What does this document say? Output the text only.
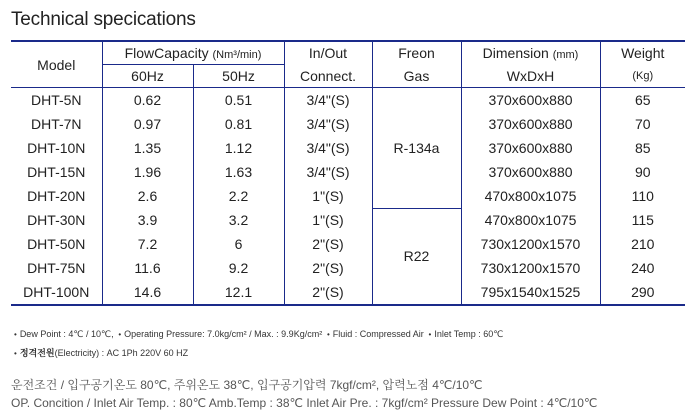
Technical specications
Model	FlowCapacity (Nm³/min)		In/Out	Freon	Dimension (mm)	Weight
	60Hz	50Hz	Connect.	Gas	WxDxH	(Kg)
DHT-5N	0.62	0.51	3/4"(S)	R-134a	370x600x880	65
DHT-7N	0.97	0.81	3/4"(S)		370x600x880	70
DHT-10N	1.35	1.12	3/4"(S)		370x600x880	85
DHT-15N	1.96	1.63	3/4"(S)		370x600x880	90
DHT-20N	2.6	2.2	1"(S)		470x800x1075	110
DHT-30N	3.9	3.2	1"(S)	R22	470x800x1075	115
DHT-50N	7.2	6	2"(S)		730x1200x1570	210
DHT-75N	11.6	9.2	2"(S)		730x1200x1570	240
DHT-100N	14.6	12.1	2"(S)		795x1540x1525	290
• Dew Point : 4℃ / 10℃,  • Operating Pressure: 7.0kg/cm² / Max. : 9.9Kg/cm²  • Fluid : Compressed Air  • Inlet Temp : 60℃
• 정격전원(Electricity) : AC 1Ph 220V 60 HZ
운전조건 / 입구공기온도 80℃, 주위온도 38℃, 입구공기압력 7kgf/cm², 압력노점 4℃/10℃
OP. Concition / Inlet Air Temp. : 80℃ Amb.Temp : 38℃ Inlet Air Pre. : 7kgf/cm² Pressure Dew Point : 4℃/10℃
